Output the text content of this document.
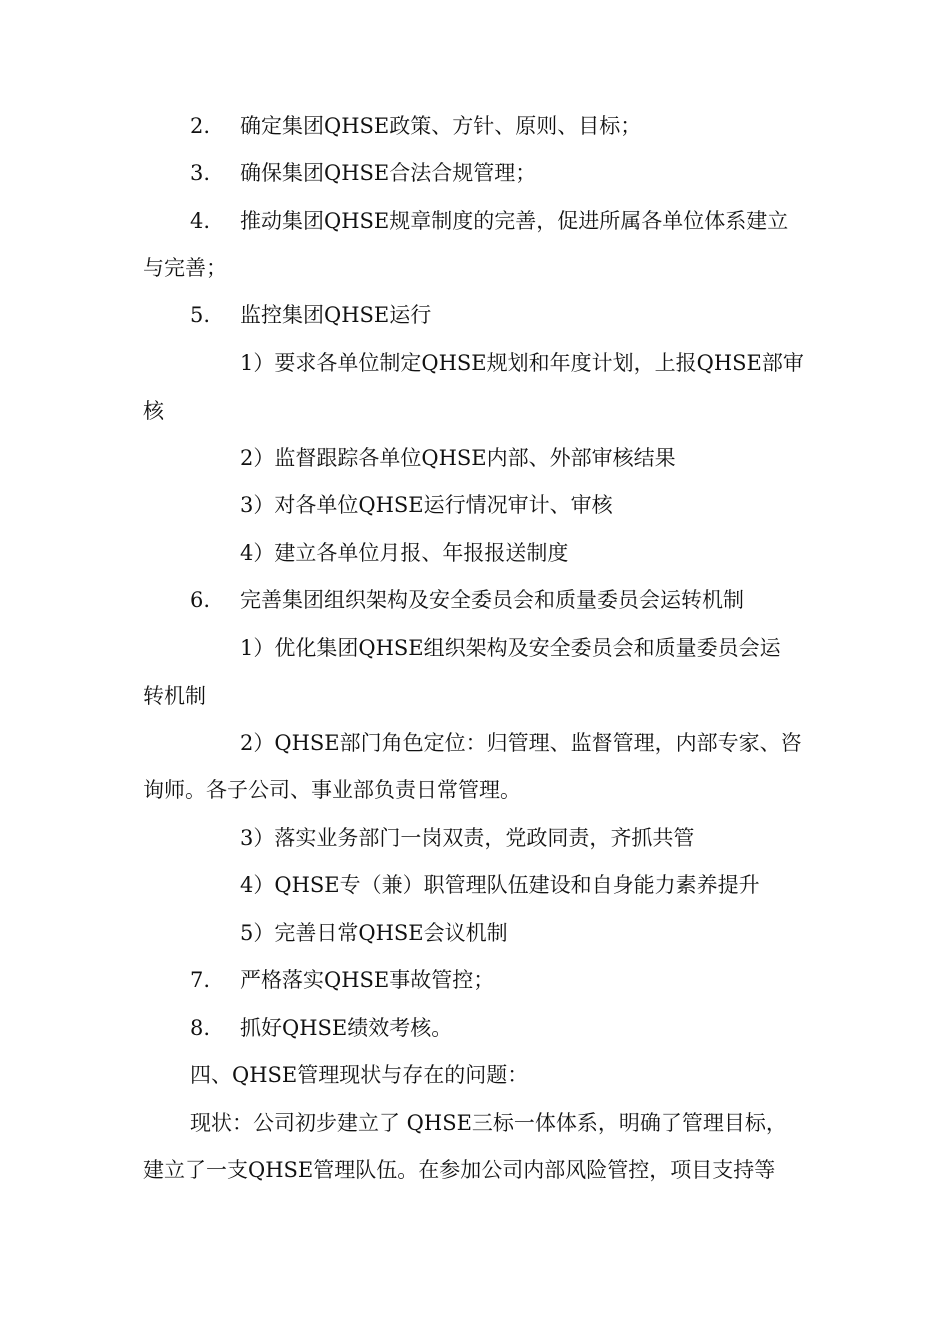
2. 确定集团QHSE政策、方针、原则、目标；
3. 确保集团QHSE合法合规管理；
4. 推动集团QHSE规章制度的完善，促进所属各单位体系建立
与完善；
5. 监控集团QHSE运行
1）要求各单位制定QHSE规划和年度计划，上报QHSE部审
核
2）监督跟踪各单位QHSE内部、外部审核结果
3）对各单位QHSE运行情况审计、审核
4）建立各单位月报、年报报送制度
6. 完善集团组织架构及安全委员会和质量委员会运转机制
1）优化集团QHSE组织架构及安全委员会和质量委员会运
转机制
2）QHSE部门角色定位：归管理、监督管理，内部专家、咨
询师。各子公司、事业部负责日常管理。
3）落实业务部门一岗双责，党政同责，齐抓共管
4）QHSE专（兼）职管理队伍建设和自身能力素养提升
5）完善日常QHSE会议机制
7. 严格落实QHSE事故管控；
8. 抓好QHSE绩效考核。
四、QHSE管理现状与存在的问题：
现状：公司初步建立了 QHSE三标一体体系，明确了管理目标，
建立了一支QHSE管理队伍。在参加公司内部风险管控，项目支持等
